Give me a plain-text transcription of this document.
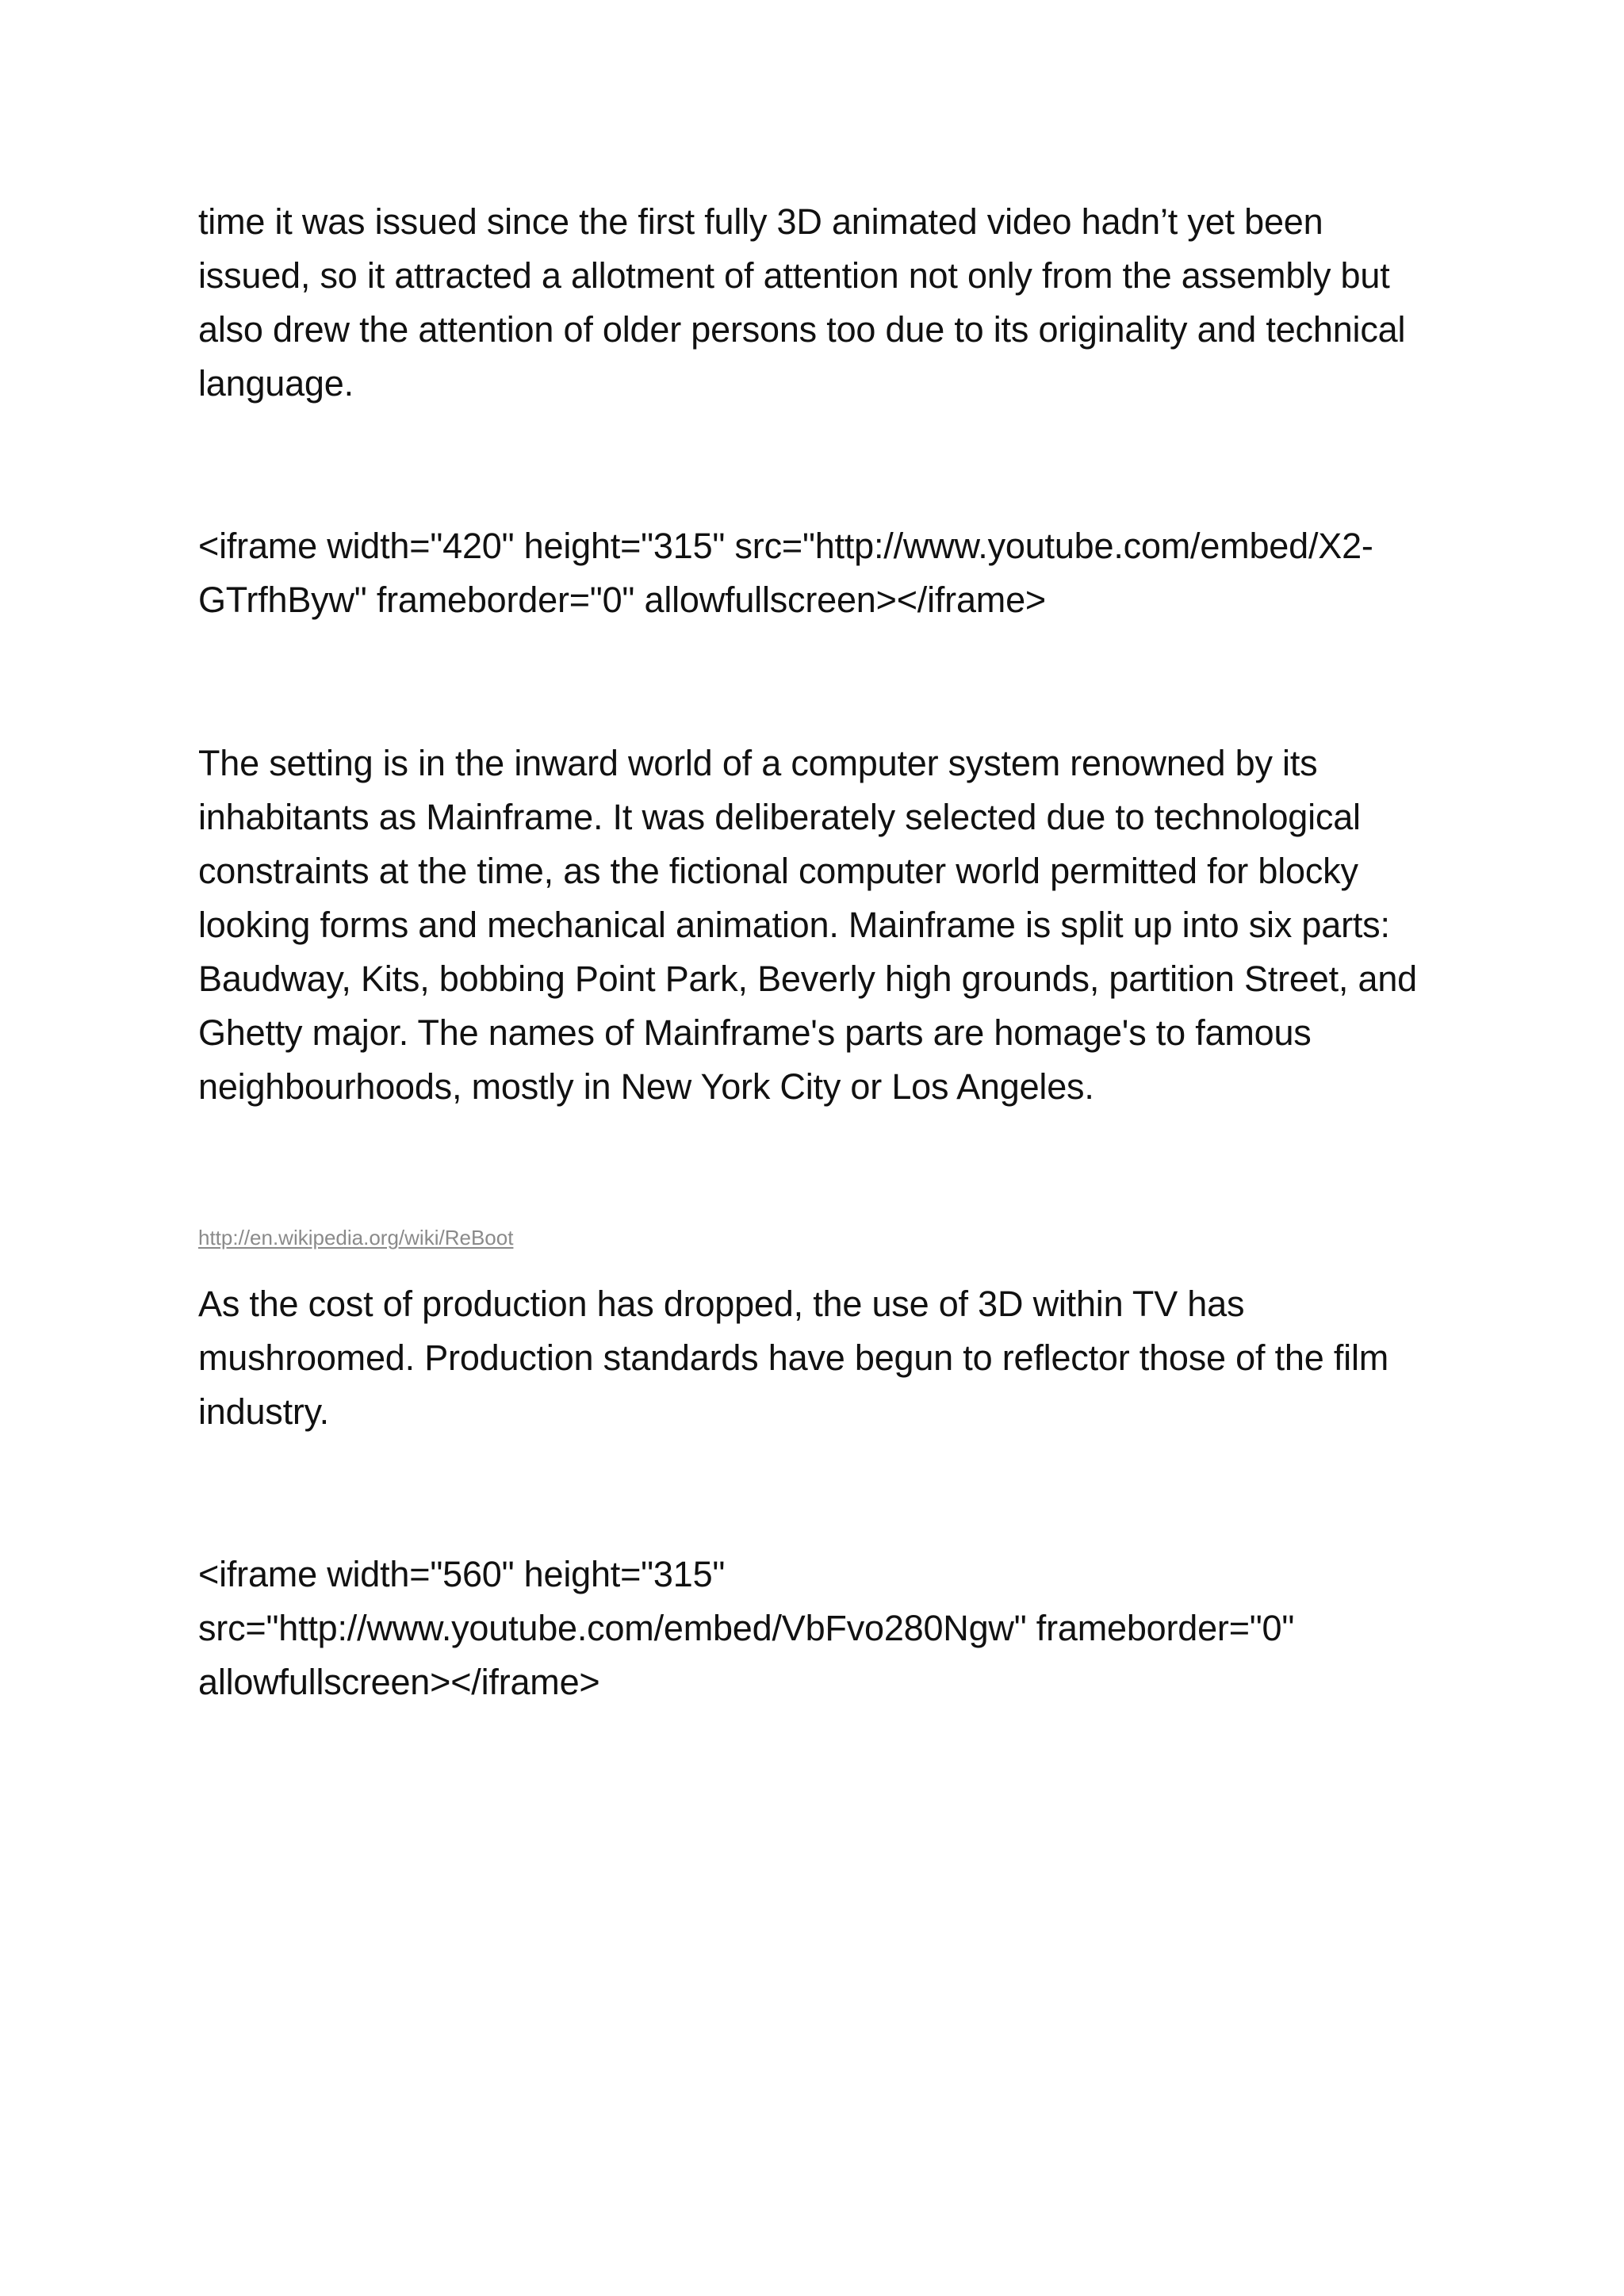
time it was issued since the first fully 3D animated video hadn’t yet been
issued, so it attracted a allotment of attention not only from the assembly but
also drew the attention of older persons too due to its originality and technical
language.

<iframe width="420" height="315" src="http://www.youtube.com/embed/X2-
GTrfhByw" frameborder="0" allowfullscreen></iframe>

The setting is in the inward world of a computer system renowned by its
inhabitants as Mainframe. It was deliberately selected due to technological
constraints at the time, as the fictional computer world permitted for blocky
looking forms and mechanical animation. Mainframe is split up into six parts:
Baudway, Kits, bobbing Point Park, Beverly high grounds, partition Street, and
Ghetty major. The names of Mainframe's parts are homage's to famous
neighbourhoods, mostly in New York City or Los Angeles.

http://en.wikipedia.org/wiki/ReBoot

As the cost of production has dropped, the use of 3D within TV has
mushroomed. Production standards have begun to reflector those of the film
industry.

<iframe width="560" height="315"
src="http://www.youtube.com/embed/VbFvo280Ngw" frameborder="0"
allowfullscreen></iframe>
